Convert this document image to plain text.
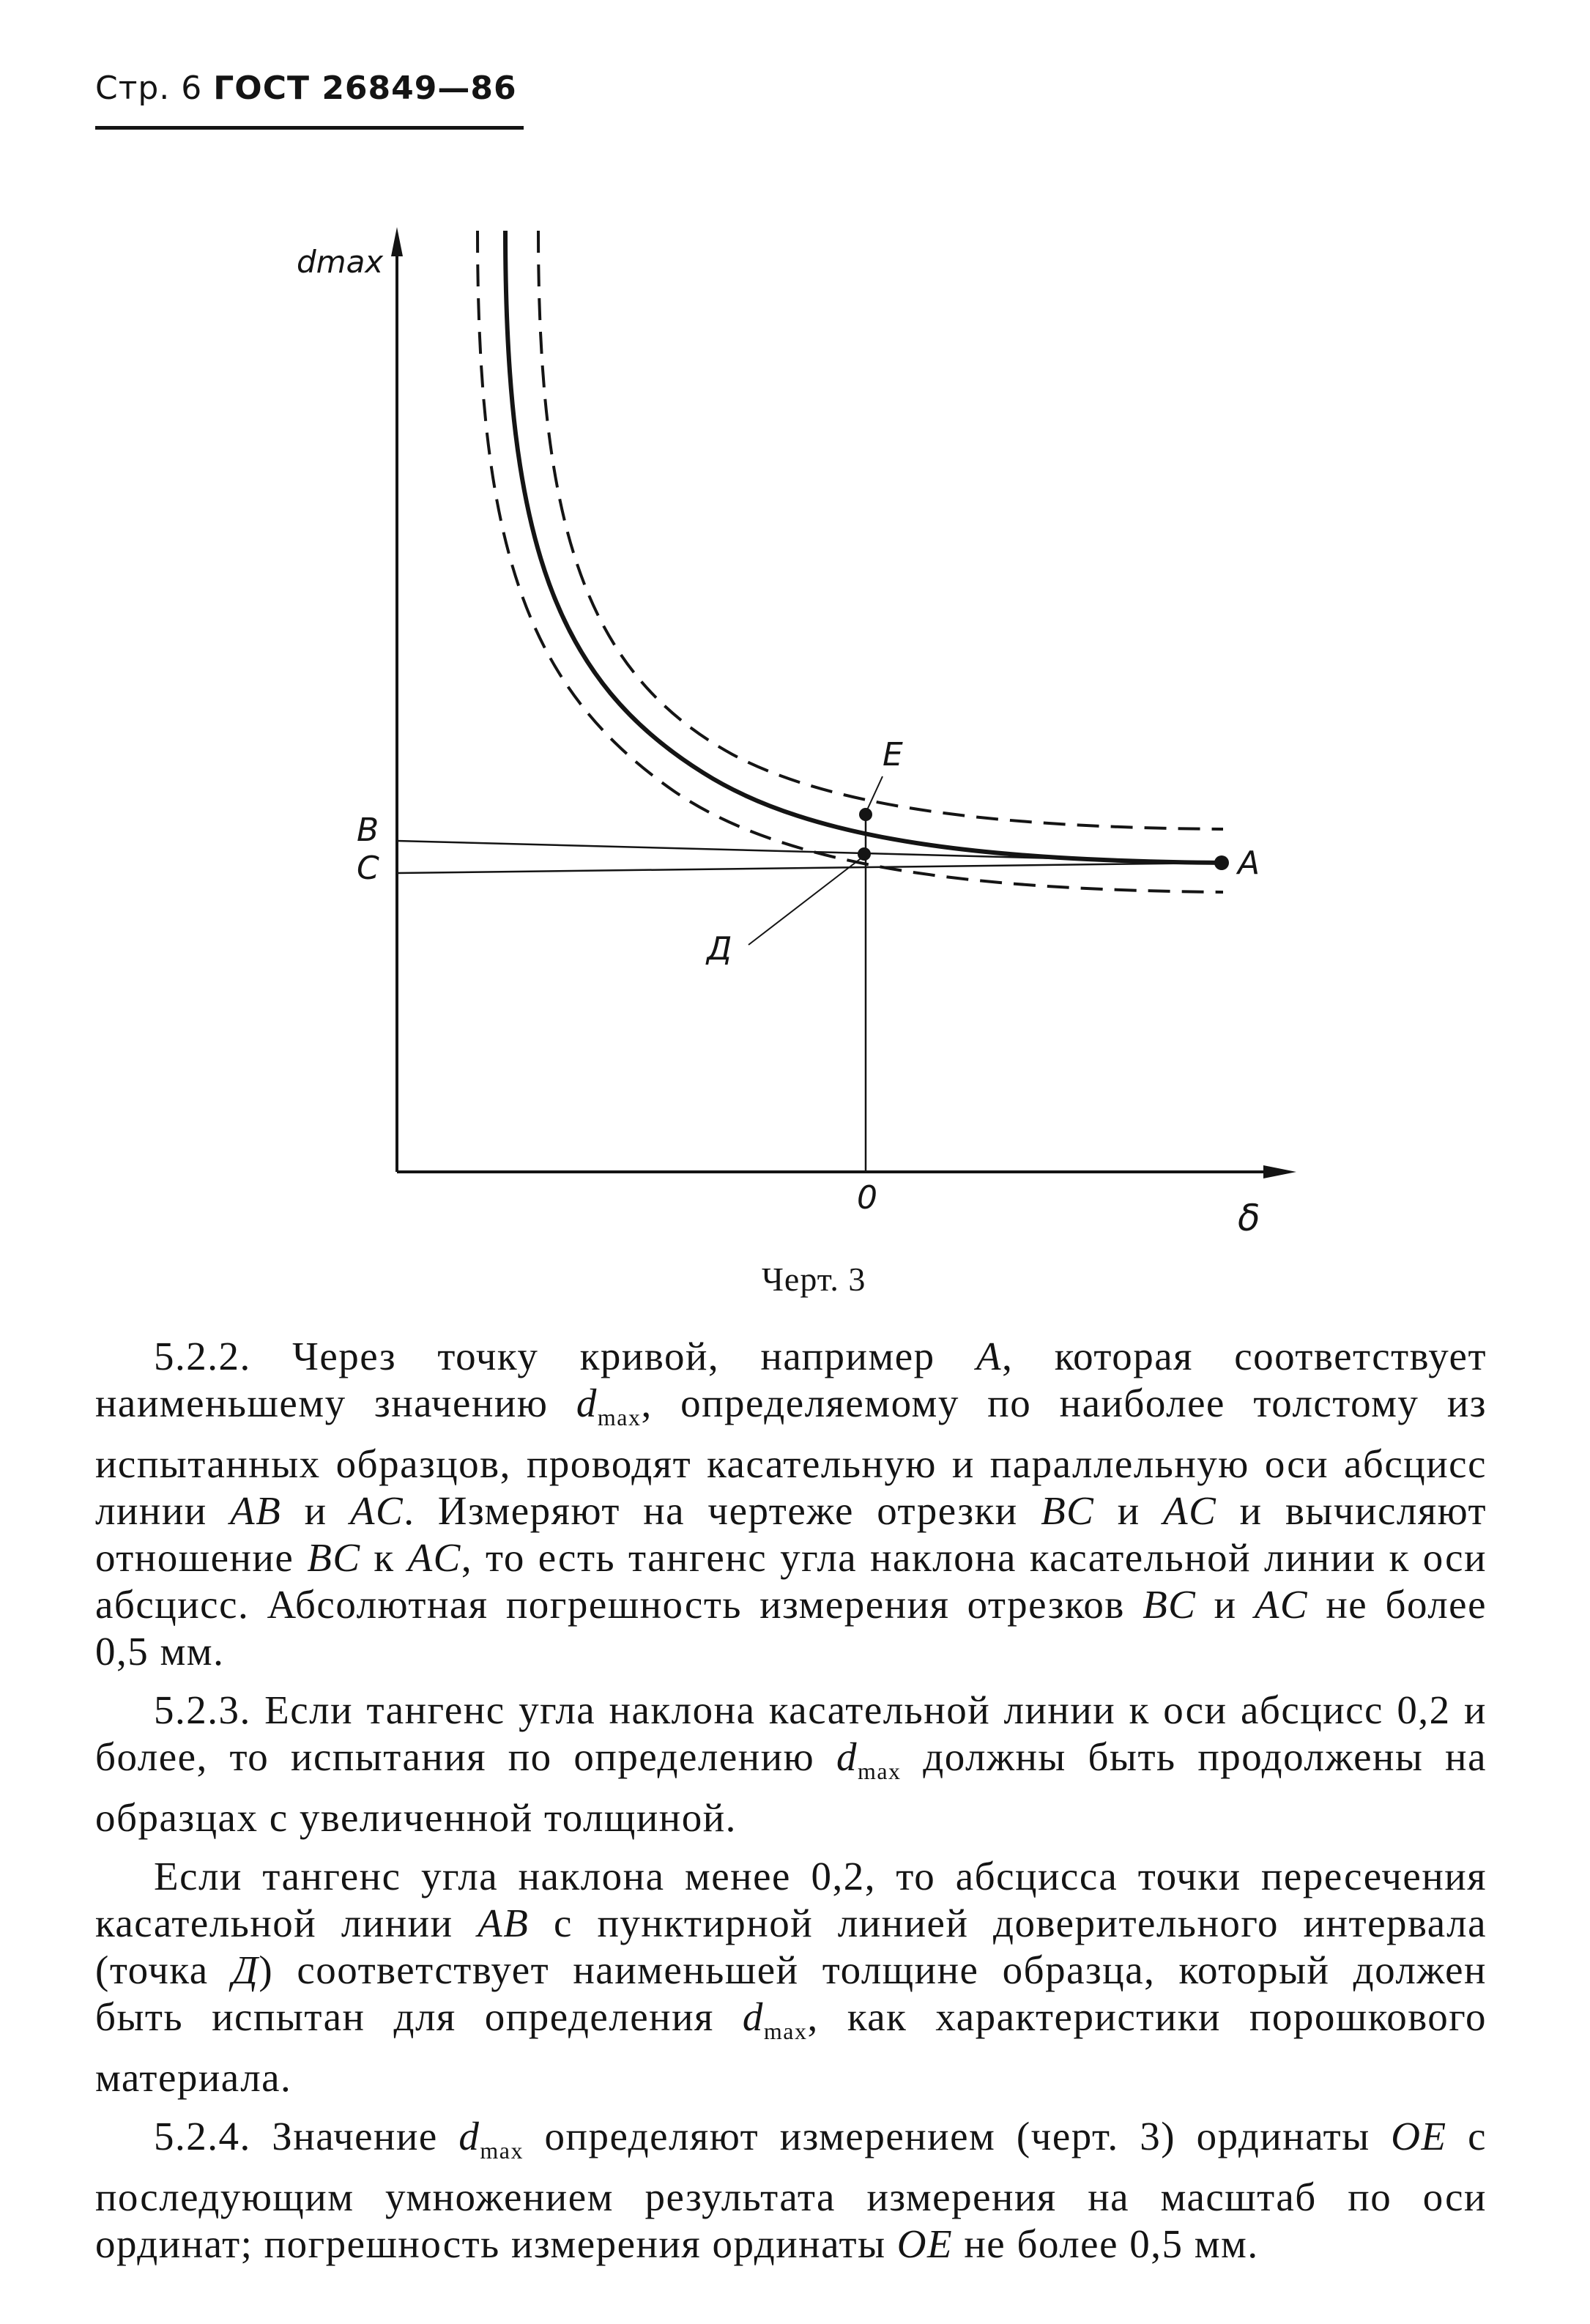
Стр. 6 ГОСТ 26849—86
dmax
B
C	A
E
Д
0	δ
Черт. 3

5.2.2. Через точку кривой, например A, которая соответствует наименьшему значению $d_{max}$, определяемому по наиболее толстому из испытанных образцов, проводят касательную и параллельную оси абсцисс линии AB и AC. Измеряют на чертеже отрезки BC и AC и вычисляют отношение BC к AC, то есть тангенс угла наклона касательной линии к оси абсцисс. Абсолютная погрешность измерения отрезков BC и AC не более 0,5 мм.

5.2.3. Если тангенс угла наклона касательной линии к оси абсцисс 0,2 и более, то испытания по определению $d_{max}$ должны быть продолжены на образцах с увеличенной толщиной.

Если тангенс угла наклона менее 0,2, то абсцисса точки пересечения касательной линии AB с пунктирной линией доверительного интервала (точка Д) соответствует наименьшей толщине образца, который должен быть испытан для определения $d_{max}$, как характеристики порошкового материала.

5.2.4. Значение $d_{max}$ определяют измерением (черт. 3) ординаты OE с последующим умножением результата измерения на масштаб по оси ординат; погрешность измерения ординаты OE не более 0,5 мм.
